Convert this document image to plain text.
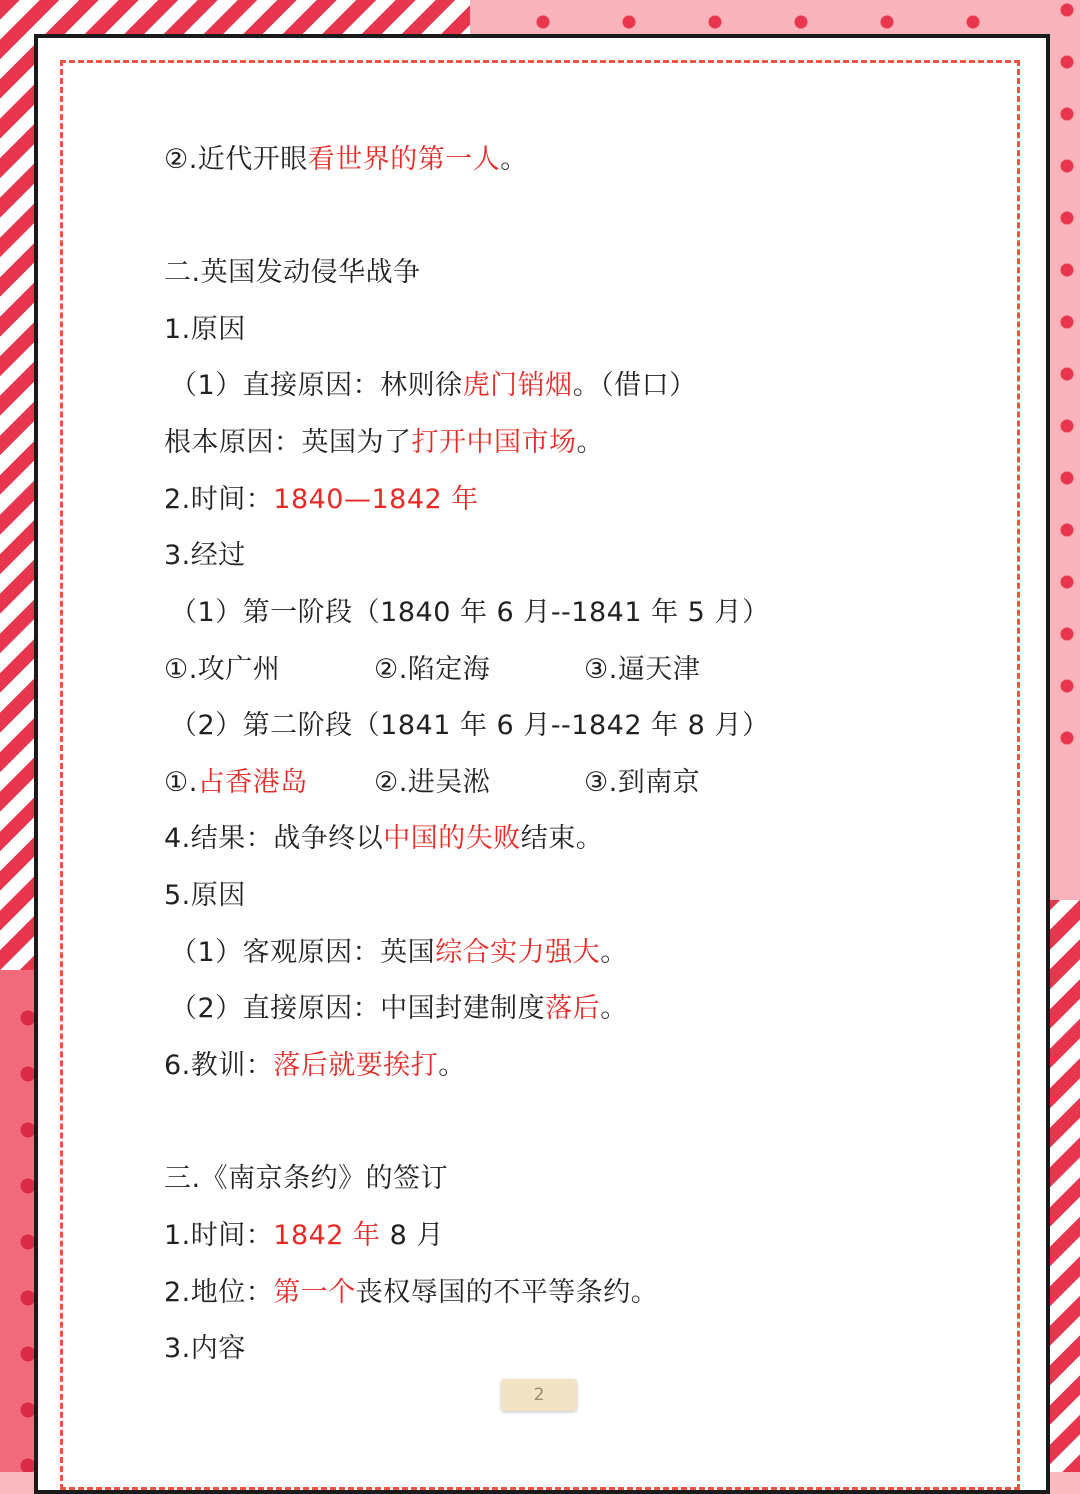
②.近代开眼看世界的第一人。
二.英国发动侵华战争
1.原因
（1）直接原因：林则徐虎门销烟。（借口）
根本原因：英国为了打开中国市场。
2.时间：1840—1842 年
3.经过
（1）第一阶段（1840 年 6 月--1841 年 5 月）
①.攻广州	②.陷定海	③.逼天津
（2）第二阶段（1841 年 6 月--1842 年 8 月）
①.占香港岛 ②.进吴淞	③.到南京
4.结果：战争终以中国的失败结束。
5.原因
（1）客观原因：英国综合实力强大。
（2）直接原因：中国封建制度落后。
6.教训：落后就要挨打。
三.《南京条约》的签订
1.时间：1842 年 8 月
2.地位：第一个丧权辱国的不平等条约。
3.内容
2
